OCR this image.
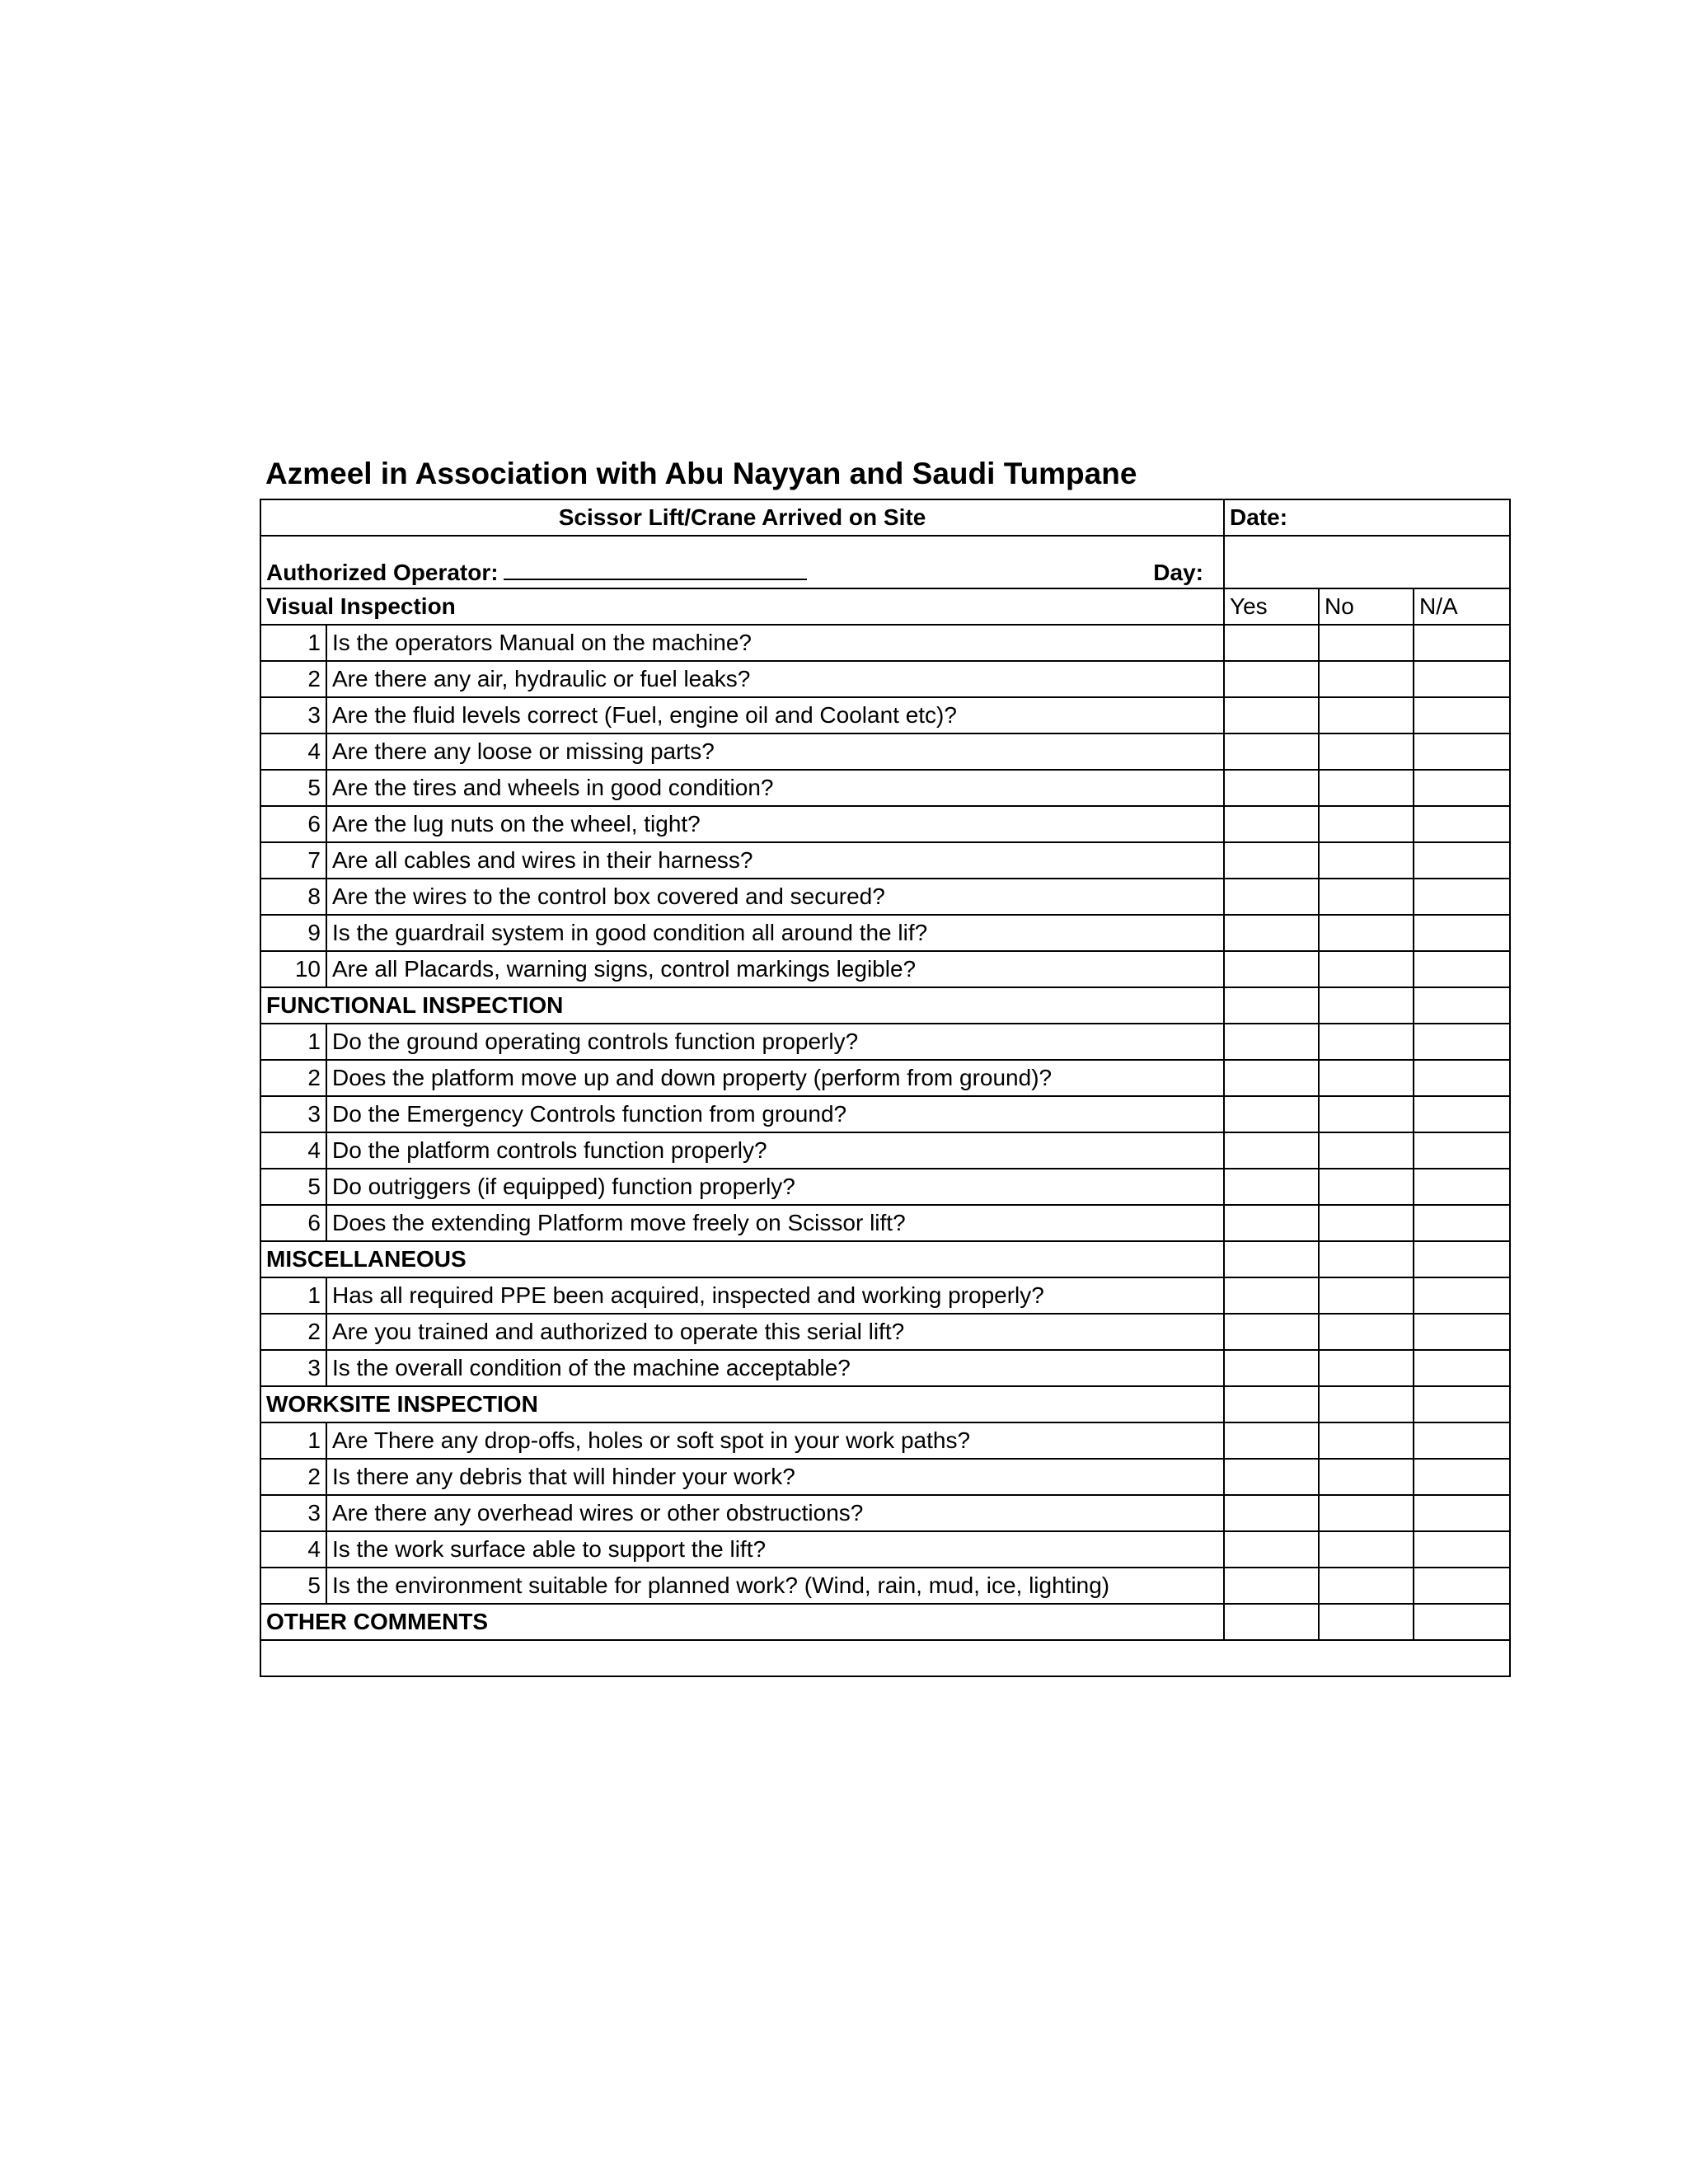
Azmeel in Association with Abu Nayyan and Saudi Tumpane
Scissor Lift/Crane Arrived on Site		Date:		

Authorized Operator: Day:				

Visual Inspection		Yes	No	N/A
1	Is the operators Manual on the machine?			
2	Are there any air, hydraulic or fuel leaks?			
3	Are the fluid levels correct (Fuel, engine oil and Coolant etc)?			
4	Are there any loose or missing parts?			
5	Are the tires and wheels in good condition?			
6	Are the lug nuts on the wheel, tight?			
7	Are all cables and wires in their harness?			
8	Are the wires to the control box covered and secured?			
9	Is the guardrail system in good condition all around the lif?			
10	Are all Placards, warning signs, control markings legible?			
FUNCTIONAL INSPECTION				
1	Do the ground operating controls function properly?			
2	Does the platform move up and down property (perform from ground)?			
3	Do the Emergency Controls function from ground?			
4	Do the platform controls function properly?			
5	Do outriggers (if equipped) function properly?			
6	Does the extending Platform move freely on Scissor lift?			
MISCELLANEOUS				
1	Has all required PPE been acquired, inspected and working properly?			
2	Are you trained and authorized to operate this serial lift?			
3	Is the overall condition of the machine acceptable?			
WORKSITE INSPECTION				
1	Are There any drop-offs, holes or soft spot in your work paths?			
2	Is there any debris that will hinder your work?			
3	Are there any overhead wires or other obstructions?			
4	Is the work surface able to support the lift?			
5	Is the environment suitable for planned work? (Wind, rain, mud, ice, lighting)			
OTHER COMMENTS				
